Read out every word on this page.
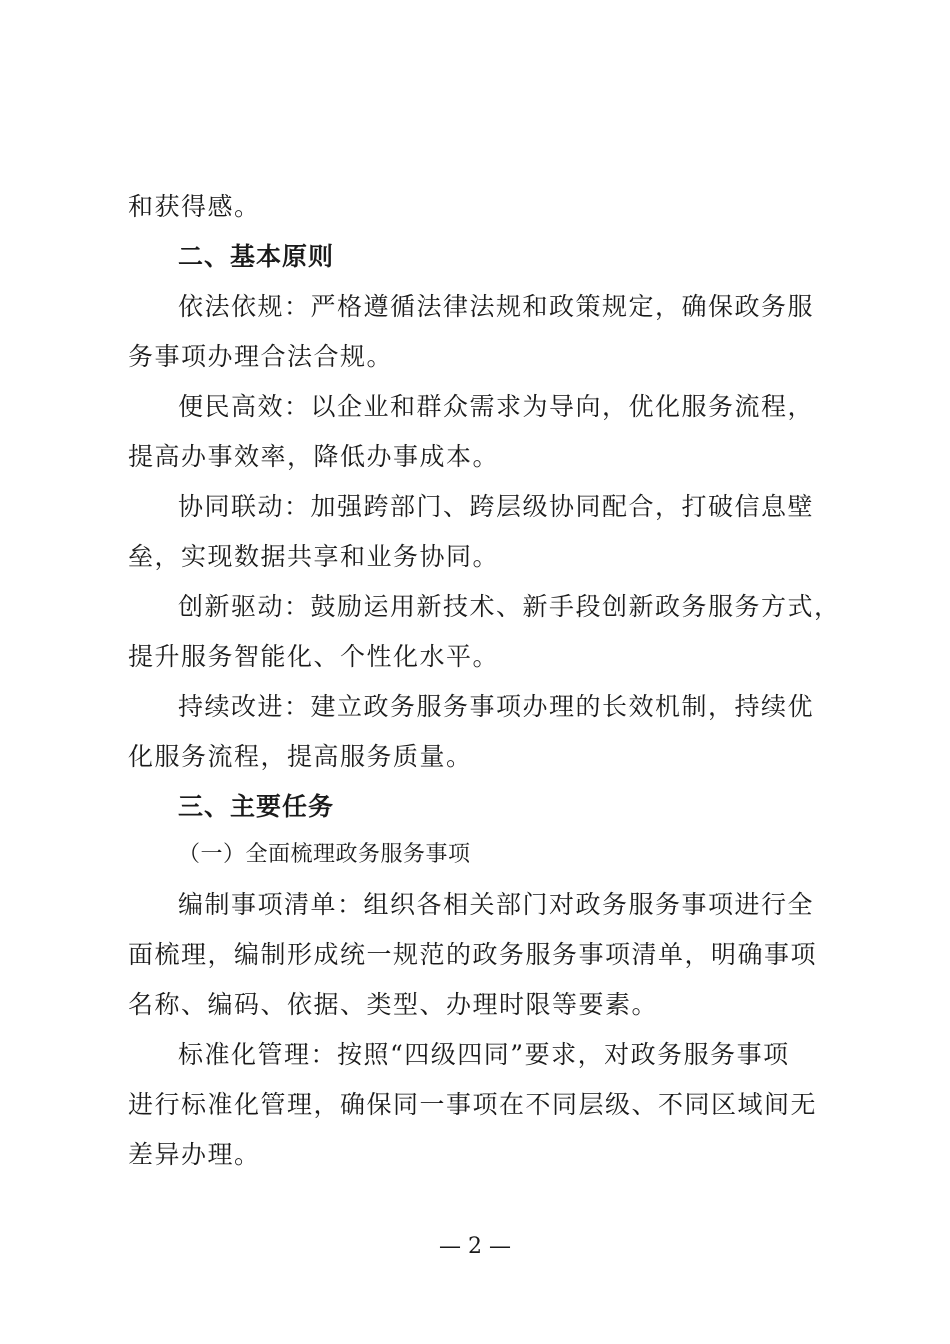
和获得感。
二、基本原则
依法依规：严格遵循法律法规和政策规定，确保政务服
务事项办理合法合规。
便民高效：以企业和群众需求为导向，优化服务流程，
提高办事效率，降低办事成本。
协同联动：加强跨部门、跨层级协同配合，打破信息壁
垒，实现数据共享和业务协同。
创新驱动：鼓励运用新技术、新手段创新政务服务方式，
提升服务智能化、个性化水平。
持续改进：建立政务服务事项办理的长效机制，持续优
化服务流程，提高服务质量。
三、主要任务
（一）全面梳理政务服务事项
编制事项清单：组织各相关部门对政务服务事项进行全
面梳理，编制形成统一规范的政务服务事项清单，明确事项
名称、编码、依据、类型、办理时限等要素。
标准化管理：按照“四级四同”要求，对政务服务事项
进行标准化管理，确保同一事项在不同层级、不同区域间无
差异办理。
— 2 —
